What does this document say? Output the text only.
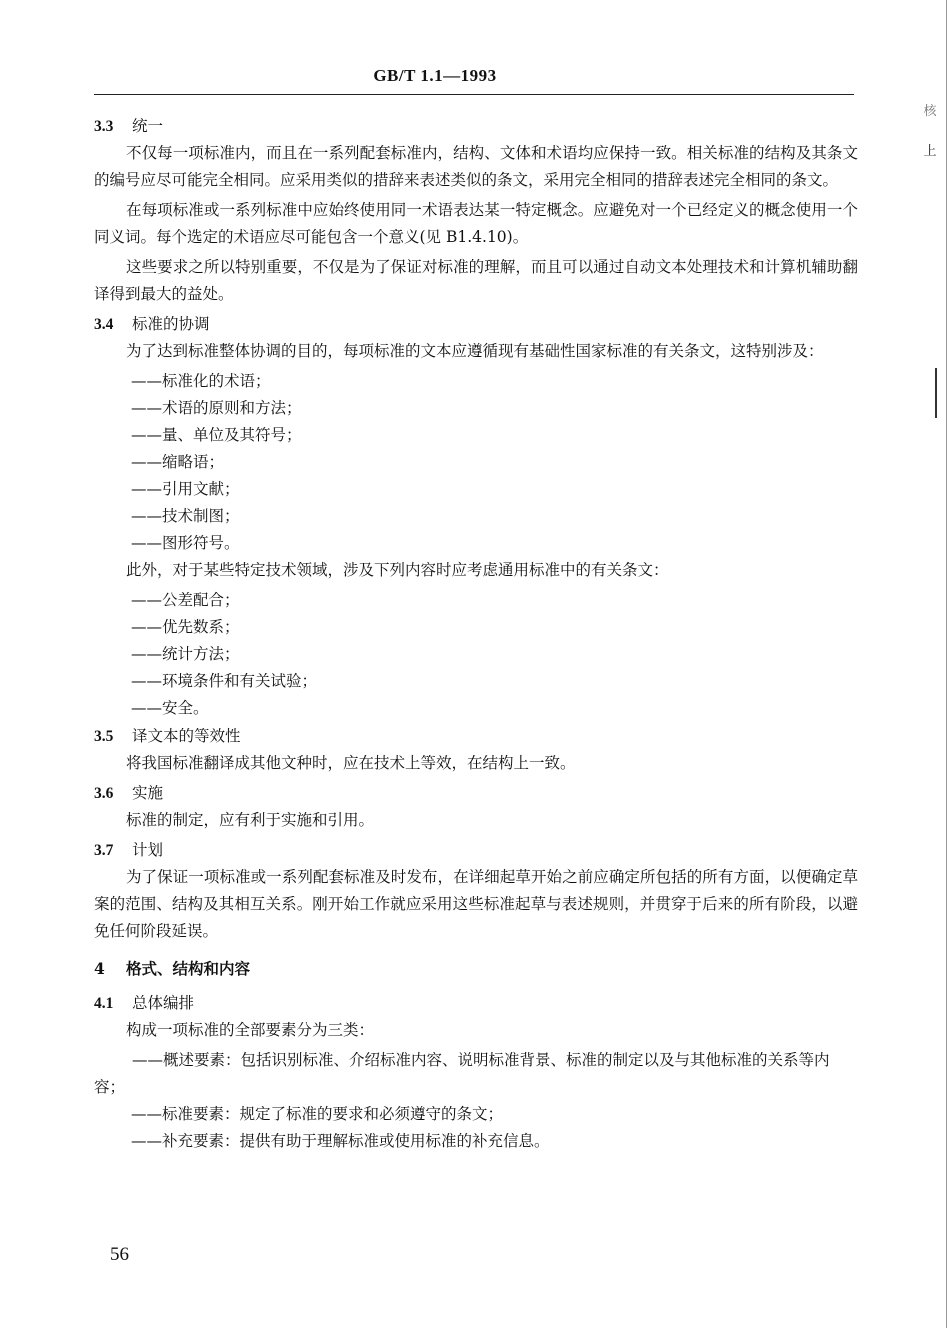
GB/T 1.1—1993
3.3 统一
不仅每一项标准内，而且在一系列配套标准内，结构、文体和术语均应保持一致。相关标准的结构及其条文的编号应尽可能完全相同。应采用类似的措辞来表述类似的条文，采用完全相同的措辞表述完全相同的条文。
在每项标准或一系列标准中应始终使用同一术语表达某一特定概念。应避免对一个已经定义的概念使用一个同义词。每个选定的术语应尽可能包含一个意义(见 B1.4.10)。
这些要求之所以特别重要，不仅是为了保证对标准的理解，而且可以通过自动文本处理技术和计算机辅助翻译得到最大的益处。
3.4 标准的协调
为了达到标准整体协调的目的，每项标准的文本应遵循现有基础性国家标准的有关条文，这特别涉及：
——标准化的术语；
——术语的原则和方法；
——量、单位及其符号；
——缩略语；
——引用文献；
——技术制图；
——图形符号。
此外，对于某些特定技术领域，涉及下列内容时应考虑通用标准中的有关条文：
——公差配合；
——优先数系；
——统计方法；
——环境条件和有关试验；
——安全。
3.5 译文本的等效性
将我国标准翻译成其他文种时，应在技术上等效，在结构上一致。
3.6 实施
标准的制定，应有利于实施和引用。
3.7 计划
为了保证一项标准或一系列配套标准及时发布，在详细起草开始之前应确定所包括的所有方面，以便确定草案的范围、结构及其相互关系。刚开始工作就应采用这些标准起草与表述规则，并贯穿于后来的所有阶段，以避免任何阶段延误。
4 格式、结构和内容
4.1 总体编排
构成一项标准的全部要素分为三类：
——概述要素：包括识别标准、介绍标准内容、说明标准背景、标准的制定以及与其他标准的关系等内容；
——标准要素：规定了标准的要求和必须遵守的条文；
——补充要素：提供有助于理解标准或使用标准的补充信息。
56
核
上
